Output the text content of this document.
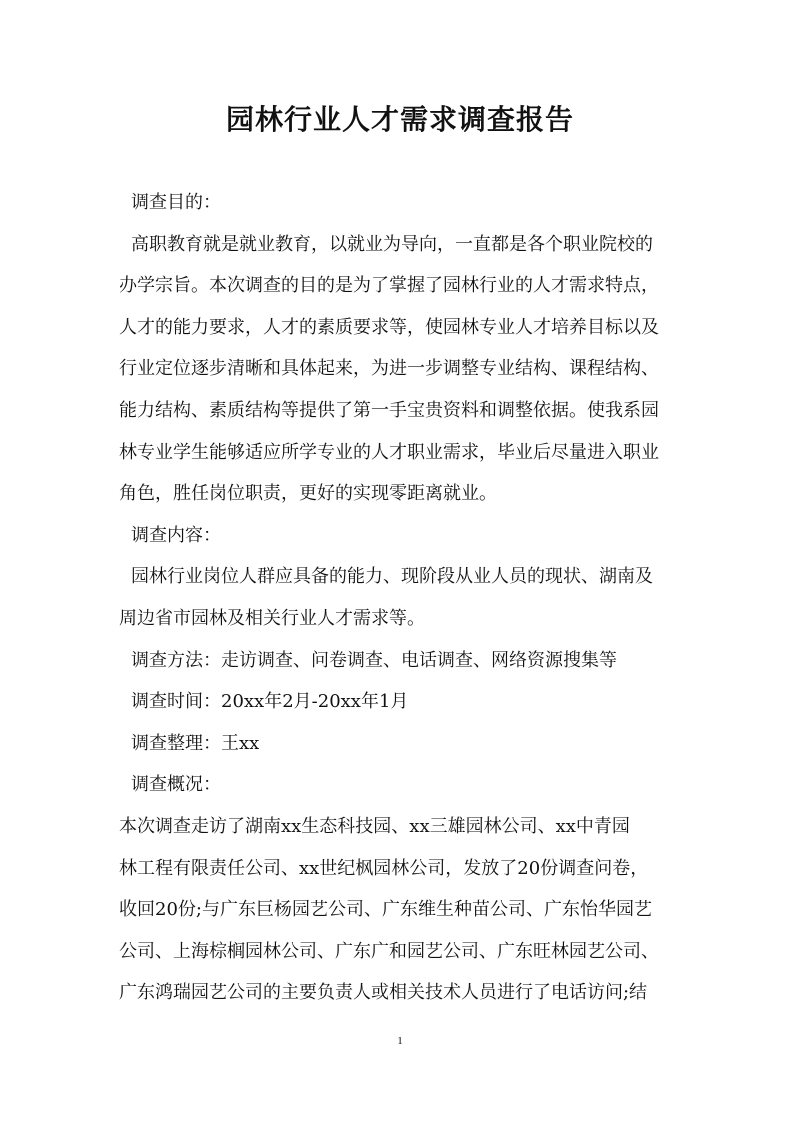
园林行业人才需求调查报告
调查目的：
高职教育就是就业教育，以就业为导向，一直都是各个职业院校的
办学宗旨。本次调查的目的是为了掌握了园林行业的人才需求特点，
人才的能力要求，人才的素质要求等，使园林专业人才培养目标以及
行业定位逐步清晰和具体起来，为进一步调整专业结构、课程结构、
能力结构、素质结构等提供了第一手宝贵资料和调整依据。使我系园
林专业学生能够适应所学专业的人才职业需求，毕业后尽量进入职业
角色，胜任岗位职责，更好的实现零距离就业。
调查内容：
园林行业岗位人群应具备的能力、现阶段从业人员的现状、湖南及
周边省市园林及相关行业人才需求等。
调查方法：走访调查、问卷调查、电话调查、网络资源搜集等
调查时间：20xx年2月-20xx年1月
调查整理：王xx
调查概况：
本次调查走访了湖南xx生态科技园、xx三雄园林公司、xx中青园
林工程有限责任公司、xx世纪枫园林公司，发放了20份调查问卷，
收回20份;与广东巨杨园艺公司、广东维生种苗公司、广东怡华园艺
公司、上海棕榈园林公司、广东广和园艺公司、广东旺林园艺公司、
广东鸿瑞园艺公司的主要负责人或相关技术人员进行了电话访问;结
1
